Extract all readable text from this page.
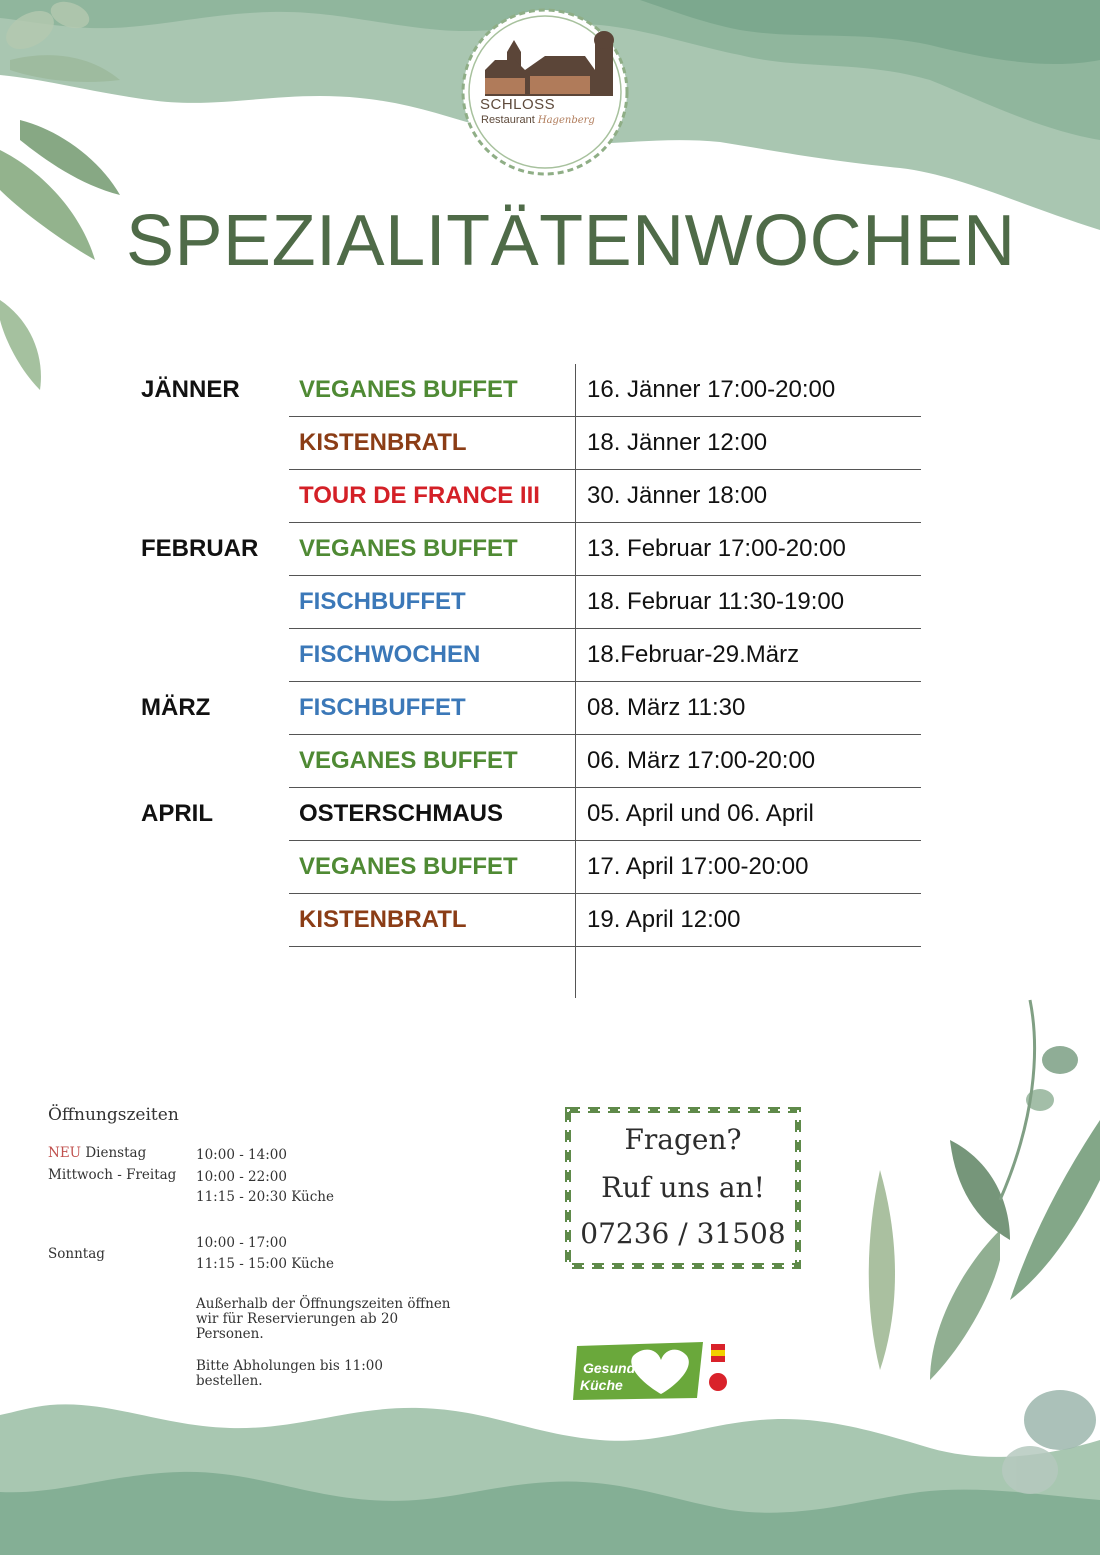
SCHLOSS
Restaurant Hagenberg
SPEZIALITÄTENWOCHEN
JÄNNER VEGANES BUFFET	16. Jänner 17:00-20:00
KISTENBRATL	18. Jänner 12:00
TOUR DE FRANCE III 30. Jänner 18:00
FEBRUAR VEGANES BUFFET	13. Februar 17:00-20:00
FISCHBUFFET	18. Februar 11:30-19:00
FISCHWOCHEN	18.Februar-29.März
MÄRZ	FISCHBUFFET	08. März 11:30
VEGANES BUFFET	06. März 17:00-20:00
APRIL	OSTERSCHMAUS	05. April und 06. April
VEGANES BUFFET	17. April 17:00-20:00
KISTENBRATL	19. April 12:00
Öffnungszeiten
NEU Dienstag	10:00 - 14:00
Mittwoch - Freitag 10:00 - 22:00
11:15 - 20:30 Küche
Sonntag
10:00 - 17:00
11:15 - 15:00 Küche
Außerhalb der Öffnungszeiten öffnen wir für Reservierungen ab 20 Personen.
Bitte Abholungen bis 11:00 bestellen.
Fragen?
Ruf uns an!
07236 / 31508
Gesunde
Küche
